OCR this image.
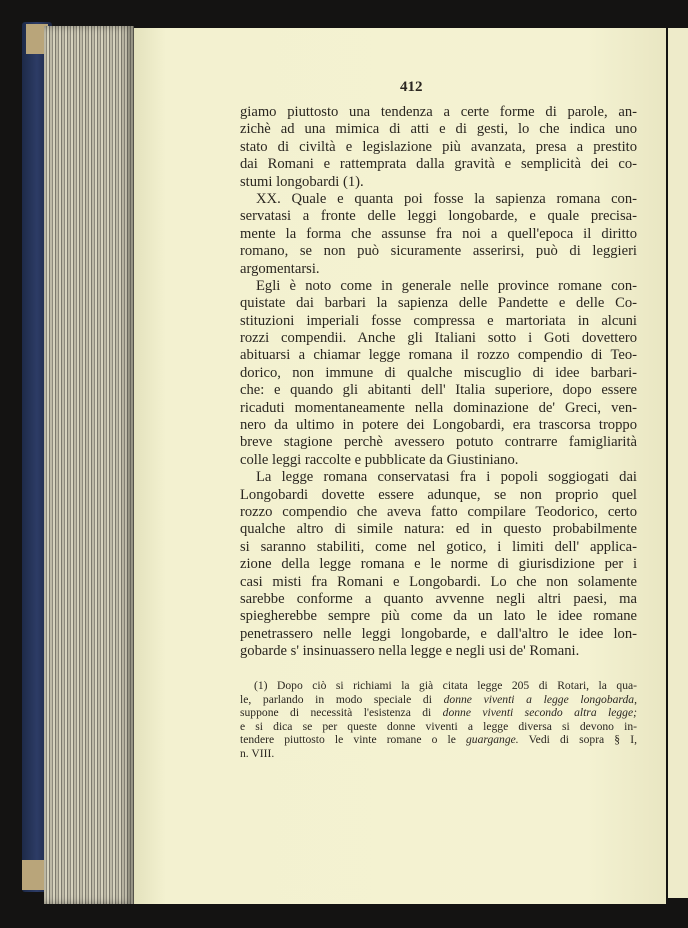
412
giamo piuttosto una tendenza a certe forme di parole, an-
zichè ad una mimica di atti e di gesti, lo che indica uno
stato di civiltà e legislazione più avanzata, presa a prestito
dai Romani e rattemprata dalla gravità e semplicità dei co-
stumi longobardi (1).
XX. Quale e quanta poi fosse la sapienza romana con-
servatasi a fronte delle leggi longobarde, e quale precisa-
mente la forma che assunse fra noi a quell'epoca il diritto
romano, se non può sicuramente asserirsi, può di leggieri
argomentarsi.
Egli è noto come in generale nelle province romane con-
quistate dai barbari la sapienza delle Pandette e delle Co-
stituzioni imperiali fosse compressa e martoriata in alcuni
rozzi compendii. Anche gli Italiani sotto i Goti dovettero
abituarsi a chiamar legge romana il rozzo compendio di Teo-
dorico, non immune di qualche miscuglio di idee barbari-
che: e quando gli abitanti dell' Italia superiore, dopo essere
ricaduti momentaneamente nella dominazione de' Greci, ven-
nero da ultimo in potere dei Longobardi, era trascorsa troppo
breve stagione perchè avessero potuto contrarre famigliarità
colle leggi raccolte e pubblicate da Giustiniano.
La legge romana conservatasi fra i popoli soggiogati dai
Longobardi dovette essere adunque, se non proprio quel
rozzo compendio che aveva fatto compilare Teodorico, certo
qualche altro di simile natura: ed in questo probabilmente
si saranno stabiliti, come nel gotico, i limiti dell' applica-
zione della legge romana e le norme di giurisdizione per i
casi misti fra Romani e Longobardi. Lo che non solamente
sarebbe conforme a quanto avvenne negli altri paesi, ma
spiegherebbe sempre più come da un lato le idee romane
penetrassero nelle leggi longobarde, e dall'altro le idee lon-
gobarde s' insinuassero nella legge e negli usi de' Romani.
(1) Dopo ciò si richiami la già citata legge 205 di Rotari, la qua-
le, parlando in modo speciale di donne viventi a legge longobarda,
suppone di necessità l'esistenza di donne viventi secondo altra legge;
e si dica se per queste donne viventi a legge diversa si devono in-
tendere piuttosto le vinte romane o le guargange. Vedi di sopra § I,
n. VIII.
